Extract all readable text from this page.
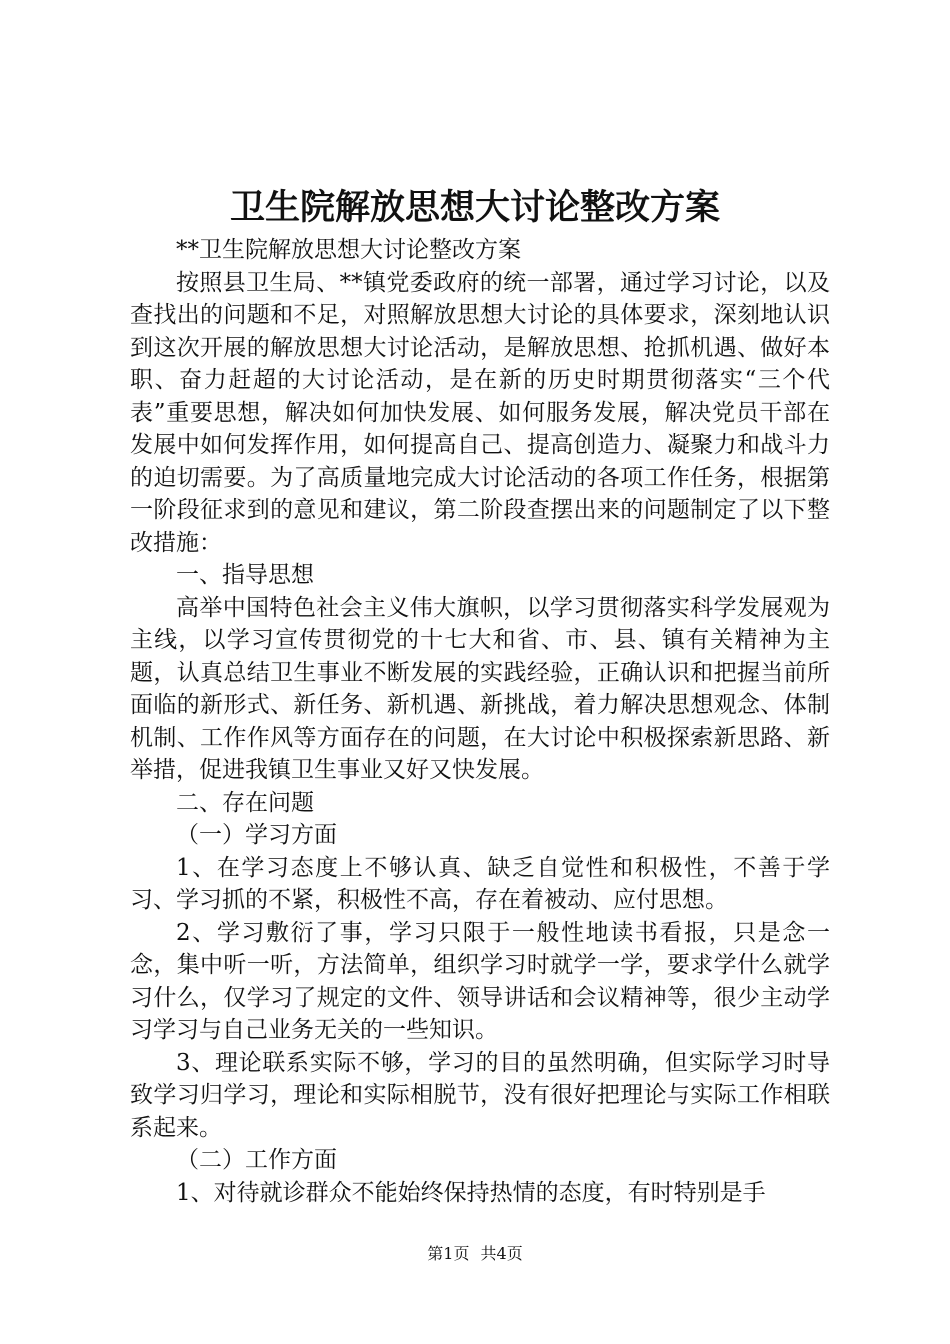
卫生院解放思想大讨论整改方案

**卫生院解放思想大讨论整改方案

按照县卫生局、**镇党委政府的统一部署，通过学习讨论，以及查找出的问题和不足，对照解放思想大讨论的具体要求，深刻地认识到这次开展的解放思想大讨论活动，是解放思想、抢抓机遇、做好本职、奋力赶超的大讨论活动，是在新的历史时期贯彻落实“三个代表”重要思想，解决如何加快发展、如何服务发展，解决党员干部在发展中如何发挥作用，如何提高自己、提高创造力、凝聚力和战斗力的迫切需要。为了高质量地完成大讨论活动的各项工作任务，根据第一阶段征求到的意见和建议，第二阶段查摆出来的问题制定了以下整改措施：

一、指导思想

高举中国特色社会主义伟大旗帜，以学习贯彻落实科学发展观为主线，以学习宣传贯彻党的十七大和省、市、县、镇有关精神为主题，认真总结卫生事业不断发展的实践经验，正确认识和把握当前所面临的新形式、新任务、新机遇、新挑战，着力解决思想观念、体制机制、工作作风等方面存在的问题，在大讨论中积极探索新思路、新举措，促进我镇卫生事业又好又快发展。

二、存在问题

（一）学习方面

1、在学习态度上不够认真、缺乏自觉性和积极性，不善于学习、学习抓的不紧，积极性不高，存在着被动、应付思想。

2、学习敷衍了事，学习只限于一般性地读书看报，只是念一念，集中听一听，方法简单，组织学习时就学一学，要求学什么就学习什么，仅学习了规定的文件、领导讲话和会议精神等，很少主动学习学习与自己业务无关的一些知识。

3、理论联系实际不够，学习的目的虽然明确，但实际学习时导致学习归学习，理论和实际相脱节，没有很好把理论与实际工作相联系起来。

（二）工作方面

1、对待就诊群众不能始终保持热情的态度，有时特别是手

第1页 共4页
